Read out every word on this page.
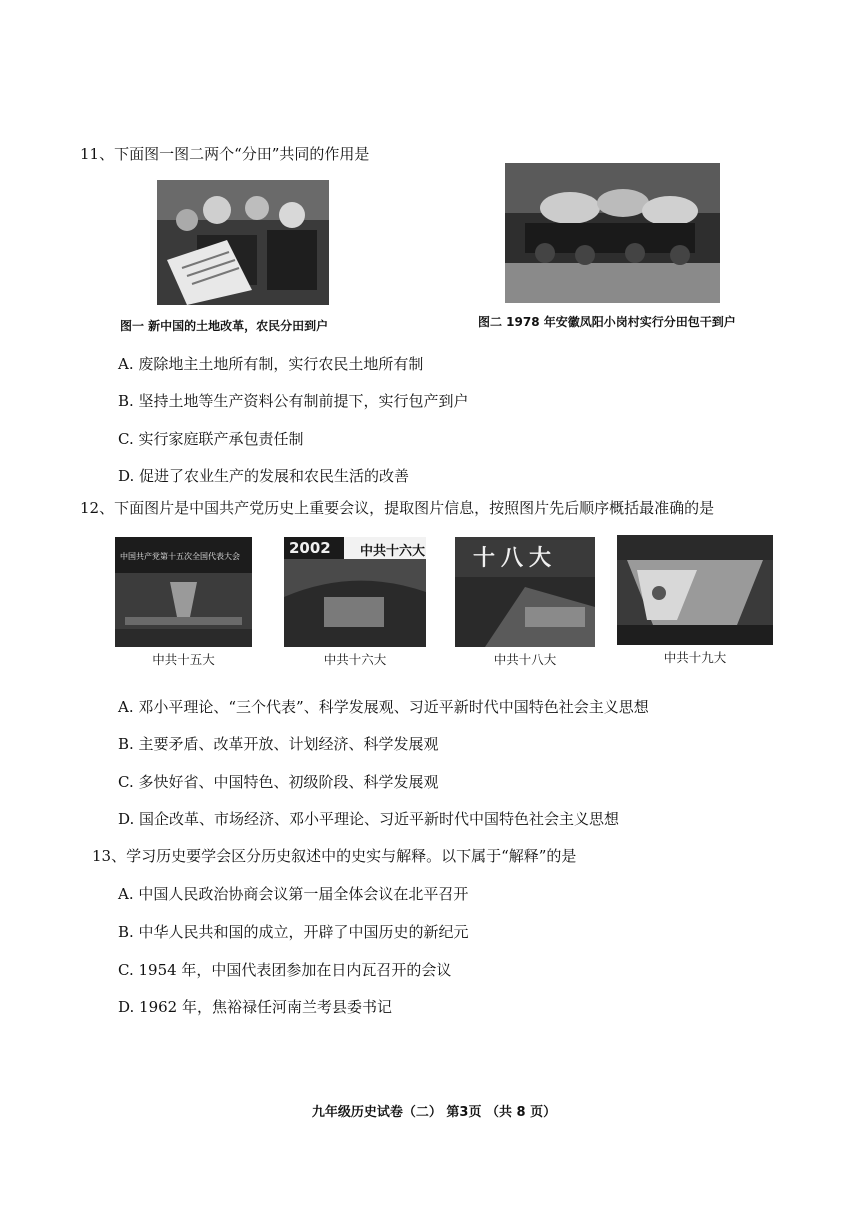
11、下面图一图二两个“分田”共同的作用是
图一 新中国的土地改革，农民分田到户	图二 1978 年安徽凤阳小岗村实行分田包干到户
A. 废除地主土地所有制，实行农民土地所有制
B. 坚持土地等生产资料公有制前提下，实行包产到户
C. 实行家庭联产承包责任制
D. 促进了农业生产的发展和农民生活的改善
12、下面图片是中国共产党历史上重要会议，提取图片信息，按照图片先后顺序概括最准确的是
中国共产党第十五次全国代表大会
中共十五大
2002 中共十六大
中共十六大
十八大
中共十八大	中共十九大
A. 邓小平理论、“三个代表”、科学发展观、习近平新时代中国特色社会主义思想
B. 主要矛盾、改革开放、计划经济、科学发展观
C. 多快好省、中国特色、初级阶段、科学发展观
D. 国企改革、市场经济、邓小平理论、习近平新时代中国特色社会主义思想
13、学习历史要学会区分历史叙述中的史实与解释。以下属于“解释”的是
A. 中国人民政治协商会议第一届全体会议在北平召开
B. 中华人民共和国的成立，开辟了中国历史的新纪元
C. 1954 年，中国代表团参加在日内瓦召开的会议
D. 1962 年，焦裕禄任河南兰考县委书记
九年级历史试卷（二） 第3页 （共 8 页）
